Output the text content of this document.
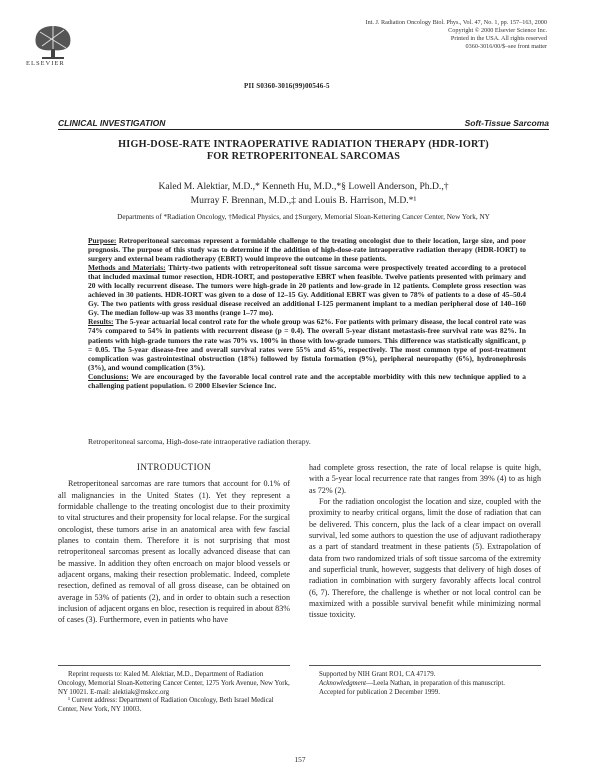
ELSEVIER
Int. J. Radiation Oncology Biol. Phys., Vol. 47, No. 1, pp. 157–163, 2000
Copyright © 2000 Elsevier Science Inc.
Printed in the USA. All rights reserved
0360-3016/00/$–see front matter
PII S0360-3016(99)00546-5
CLINICAL INVESTIGATION	Soft-Tissue Sarcoma
HIGH-DOSE-RATE INTRAOPERATIVE RADIATION THERAPY (HDR-IORT)
FOR RETROPERITONEAL SARCOMAS
Kaled M. Alektiar, M.D.,* Kenneth Hu, M.D.,*§ Lowell Anderson, Ph.D.,†
Murray F. Brennan, M.D.,‡ and Louis B. Harrison, M.D.*¹
Departments of *Radiation Oncology, †Medical Physics, and ‡Surgery, Memorial Sloan-Kettering Cancer Center, New York, NY

Purpose: Retroperitoneal sarcomas represent a formidable challenge to the treating oncologist due to their location, large size, and poor prognosis. The purpose of this study was to determine if the addition of high-dose-rate intraoperative radiation therapy (HDR-IORT) to surgery and external beam radiotherapy (EBRT) would improve the outcome in these patients.

Methods and Materials: Thirty-two patients with retroperitoneal soft tissue sarcoma were prospectively treated according to a protocol that included maximal tumor resection, HDR-IORT, and postoperative EBRT when feasible. Twelve patients presented with primary and 20 with locally recurrent disease. The tumors were high-grade in 20 patients and low-grade in 12 patients. Complete gross resection was achieved in 30 patients. HDR-IORT was given to a dose of 12–15 Gy. Additional EBRT was given to 78% of patients to a dose of 45–50.4 Gy. The two patients with gross residual disease received an additional I-125 permanent implant to a median peripheral dose of 140–160 Gy. The median follow-up was 33 months (range 1–77 mo).

Results: The 5-year actuarial local control rate for the whole group was 62%. For patients with primary disease, the local control rate was 74% compared to 54% in patients with recurrent disease (p = 0.4). The overall 5-year distant metastasis-free survival rate was 82%. In patients with high-grade tumors the rate was 70% vs. 100% in those with low-grade tumors. This difference was statistically significant, p = 0.05. The 5-year disease-free and overall survival rates were 55% and 45%, respectively. The most common type of post-treatment complication was gastrointestinal obstruction (18%) followed by fistula formation (9%), peripheral neuropathy (6%), hydronephrosis (3%), and wound complication (3%).

Conclusions: We are encouraged by the favorable local control rate and the acceptable morbidity with this new technique applied to a challenging patient population. © 2000 Elsevier Science Inc.

Retroperitoneal sarcoma, High-dose-rate intraoperative radiation therapy.

INTRODUCTION

Retroperitoneal sarcomas are rare tumors that account for 0.1% of all malignancies in the United States (1). Yet they represent a formidable challenge to the treating oncologist due to their proximity to vital structures and their propensity for local relapse. For the surgical oncologist, these tumors arise in an anatomical area with few fascial planes to contain them. Therefore it is not surprising that most retroperitoneal sarcomas present as locally advanced disease that can be massive. In addition they often encroach on major blood vessels or adjacent organs, making their resection problematic. Indeed, complete resection, defined as removal of all gross disease, can be obtained on average in 53% of patients (2), and in order to obtain such a resection inclusion of adjacent organs en bloc, resection is required in about 83% of cases (3). Furthermore, even in patients who have

had complete gross resection, the rate of local relapse is quite high, with a 5-year local recurrence rate that ranges from 39% (4) to as high as 72% (2).

For the radiation oncologist the location and size, coupled with the proximity to nearby critical organs, limit the dose of radiation that can be delivered. This concern, plus the lack of a clear impact on overall survival, led some authors to question the use of adjuvant radiotherapy as a part of standard treatment in these patients (5). Extrapolation of data from two randomized trials of soft tissue sarcoma of the extremity and superficial trunk, however, suggests that delivery of high doses of radiation in combination with surgery favorably affects local control (6, 7). Therefore, the challenge is whether or not local control can be maximized with a possible survival benefit while minimizing normal tissue toxicity.

Reprint requests to: Kaled M. Alektiar, M.D., Department of Radiation Oncology, Memorial Sloan-Kettering Cancer Center, 1275 York Avenue, New York, NY 10021. E-mail: alektiak@mskcc.org

¹ Current address: Department of Radiation Oncology, Beth Israel Medical Center, New York, NY 10003.

Supported by NIH Grant RO1, CA 47179.

Acknowledgment—Leela Nathan, in preparation of this manuscript.

Accepted for publication 2 December 1999.

157
